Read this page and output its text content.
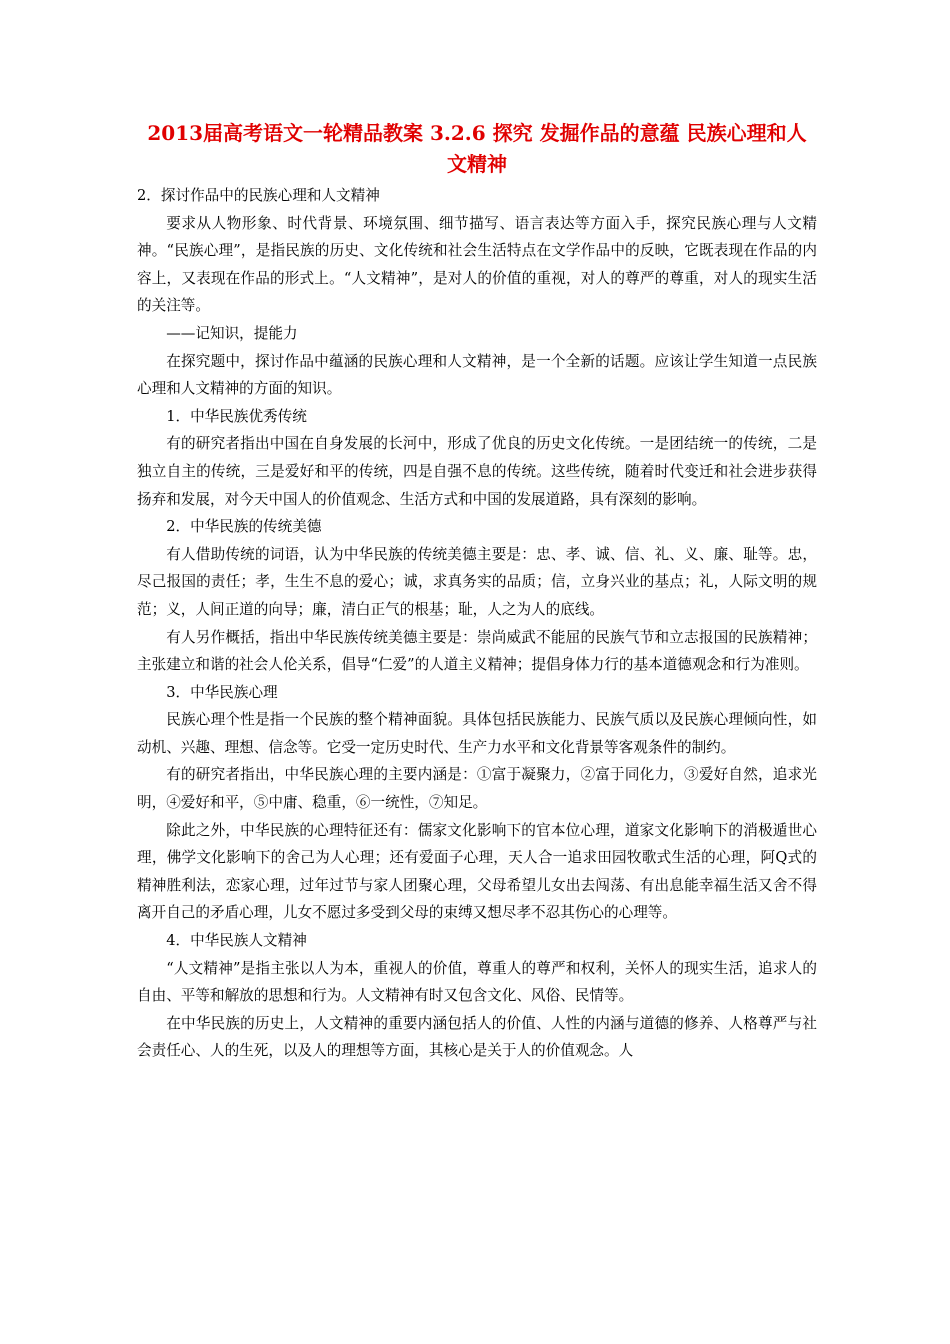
2013届高考语文一轮精品教案 3.2.6 探究 发掘作品的意蕴 民族心理和人文精神
2．探讨作品中的民族心理和人文精神
要求从人物形象、时代背景、环境氛围、细节描写、语言表达等方面入手，探究民族心理与人文精神。“民族心理”，是指民族的历史、文化传统和社会生活特点在文学作品中的反映，它既表现在作品的内容上，又表现在作品的形式上。“人文精神”，是对人的价值的重视，对人的尊严的尊重，对人的现实生活的关注等。
——记知识，提能力
在探究题中，探讨作品中蕴涵的民族心理和人文精神，是一个全新的话题。应该让学生知道一点民族心理和人文精神的方面的知识。
1．中华民族优秀传统
有的研究者指出中国在自身发展的长河中，形成了优良的历史文化传统。一是团结统一的传统，二是独立自主的传统，三是爱好和平的传统，四是自强不息的传统。这些传统，随着时代变迁和社会进步获得扬弃和发展，对今天中国人的价值观念、生活方式和中国的发展道路，具有深刻的影响。
2．中华民族的传统美德
有人借助传统的词语，认为中华民族的传统美德主要是：忠、孝、诚、信、礼、义、廉、耻等。忠，尽己报国的责任；孝，生生不息的爱心；诚，求真务实的品质；信，立身兴业的基点；礼，人际文明的规范；义，人间正道的向导；廉，清白正气的根基；耻，人之为人的底线。
有人另作概括，指出中华民族传统美德主要是：崇尚威武不能屈的民族气节和立志报国的民族精神；主张建立和谐的社会人伦关系，倡导“仁爱”的人道主义精神；提倡身体力行的基本道德观念和行为准则。
3．中华民族心理
民族心理个性是指一个民族的整个精神面貌。具体包括民族能力、民族气质以及民族心理倾向性，如动机、兴趣、理想、信念等。它受一定历史时代、生产力水平和文化背景等客观条件的制约。
有的研究者指出，中华民族心理的主要内涵是：①富于凝聚力，②富于同化力，③爱好自然，追求光明，④爱好和平，⑤中庸、稳重，⑥一统性，⑦知足。
除此之外，中华民族的心理特征还有：儒家文化影响下的官本位心理，道家文化影响下的消极遁世心理，佛学文化影响下的舍己为人心理；还有爱面子心理，天人合一追求田园牧歌式生活的心理，阿Q式的精神胜利法，恋家心理，过年过节与家人团聚心理，父母希望儿女出去闯荡、有出息能幸福生活又舍不得离开自己的矛盾心理，儿女不愿过多受到父母的束缚又想尽孝不忍其伤心的心理等。
4．中华民族人文精神
“人文精神”是指主张以人为本，重视人的价值，尊重人的尊严和权利，关怀人的现实生活，追求人的自由、平等和解放的思想和行为。人文精神有时又包含文化、风俗、民情等。
在中华民族的历史上，人文精神的重要内涵包括人的价值、人性的内涵与道德的修养、人格尊严与社会责任心、人的生死，以及人的理想等方面，其核心是关于人的价值观念。人
